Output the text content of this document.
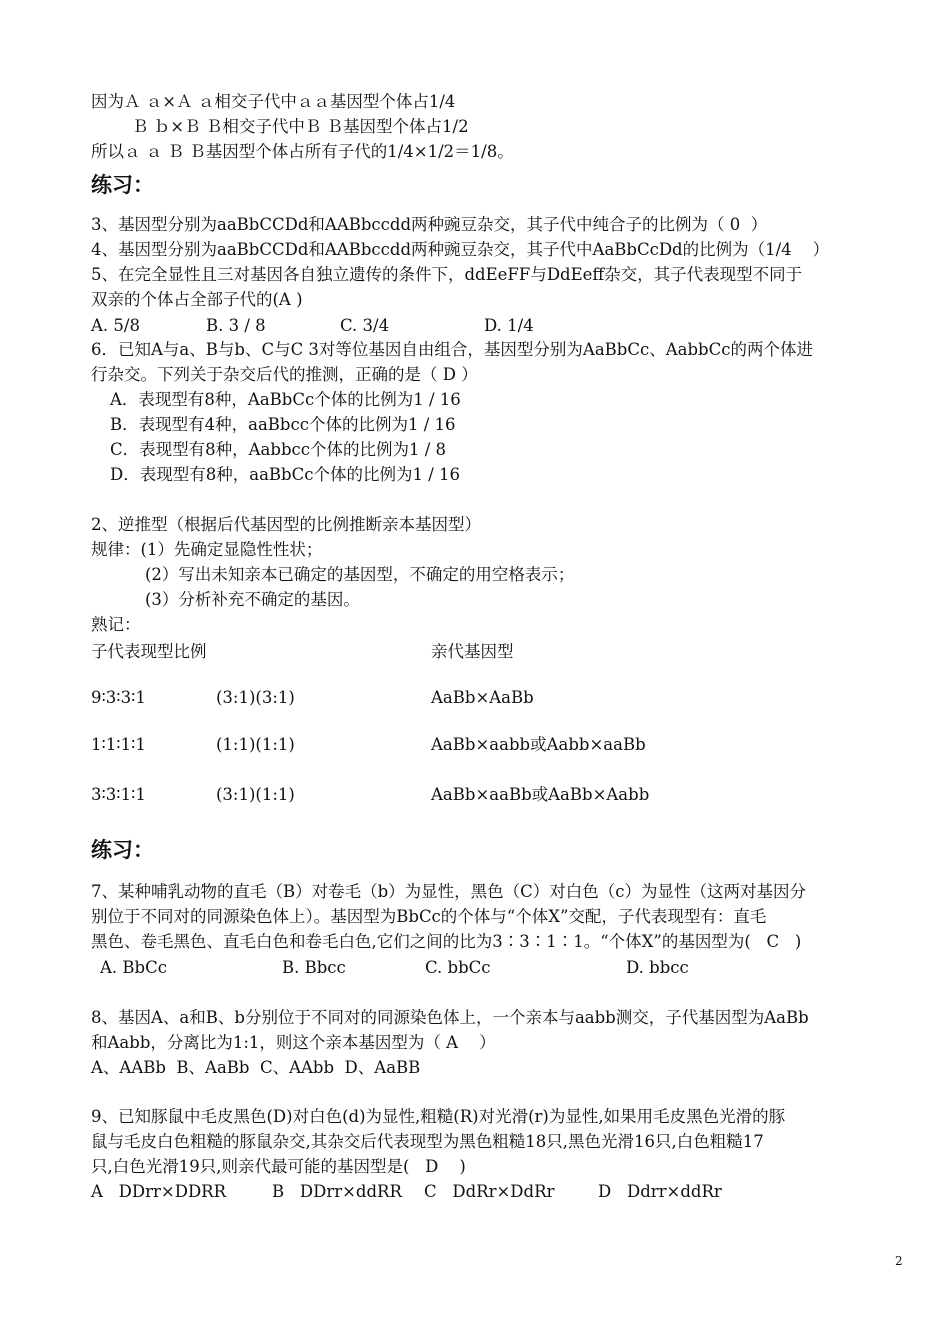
因为Ａ ａ×Ａ ａ相交子代中ａａ基因型个体占1/4
Ｂ ｂ×Ｂ Ｂ相交子代中Ｂ Ｂ基因型个体占1/2
所以ａ ａ Ｂ Ｂ基因型个体占所有子代的1/4×1/2＝1/8。
练习：
3、基因型分别为aaBbCCDd和AABbccdd两种豌豆杂交，其子代中纯合子的比例为（ 0  ）
4、基因型分别为aaBbCCDd和AABbccdd两种豌豆杂交，其子代中AaBbCcDd的比例为（1/4    ）
5、在完全显性且三对基因各自独立遗传的条件下，ddEeFF与DdEeff杂交，其子代表现型不同于
双亲的个体占全部子代的(A )
A. 5/8	B. 3 / 8	C. 3/4	D. 1/4
6．已知A与a、B与b、C与C 3对等位基因自由组合，基因型分别为AaBbCc、AabbCc的两个体进
行杂交。下列关于杂交后代的推测，正确的是（ D ）
A．表现型有8种，AaBbCc个体的比例为1 / 16
B．表现型有4种，aaBbcc个体的比例为1 / 16
C．表现型有8种，Aabbcc个体的比例为1 / 8
D．表现型有8种，aaBbCc个体的比例为1 / 16
2、逆推型（根据后代基因型的比例推断亲本基因型）
规律：(1）先确定显隐性性状；
(2）写出未知亲本已确定的基因型，不确定的用空格表示；
(3）分析补充不确定的基因。
熟记：
子代表现型比例	亲代基因型
9∶3∶3∶1	(3:1)(3:1)	AaBb×AaBb
1∶1∶1∶1	(1:1)(1:1)	AaBb×aabb或Aabb×aaBb
3∶3∶1∶1	(3:1)(1:1)	AaBb×aaBb或AaBb×Aabb
练习：
7、某种哺乳动物的直毛（B）对卷毛（b）为显性，黑色（C）对白色（c）为显性（这两对基因分
别位于不同对的同源染色体上）。基因型为BbCc的个体与“个体X”交配，子代表现型有：直毛
黑色、卷毛黑色、直毛白色和卷毛白色,它们之间的比为3∶3∶1∶1。“个体X”的基因型为(   C   )
A. BbCc	B. Bbcc	C. bbCc	D. bbcc
8、基因A、a和B、b分别位于不同对的同源染色体上，一个亲本与aabb测交，子代基因型为AaBb
和Aabb，分离比为1:1，则这个亲本基因型为（ A    ）
A、AABb  B、AaBb  C、AAbb  D、AaBB
9、已知豚鼠中毛皮黑色(D)对白色(d)为显性,粗糙(R)对光滑(r)为显性,如果用毛皮黑色光滑的豚
鼠与毛皮白色粗糙的豚鼠杂交,其杂交后代表现型为黑色粗糙18只,黑色光滑16只,白色粗糙17
只,白色光滑19只,则亲代最可能的基因型是(   D    )
A   DDrr×DDRR	B   DDrr×ddRR C   DdRr×DdRr	D   Ddrr×ddRr
2
